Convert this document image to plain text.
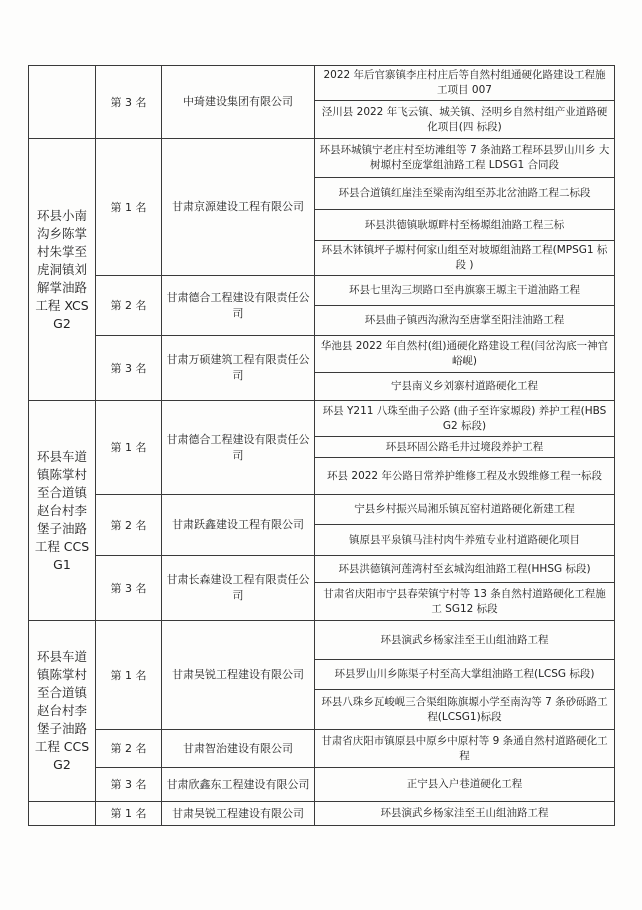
	第 3 名	中琦建设集团有限公司	2022 年后官寨镇李庄村庄后等自然村组通硬化路建设工程施工项目 007
			泾川县 2022 年飞云镇、城关镇、泾明乡自然村组产业道路硬化项目(四 标段)
环县小南沟乡陈掌村朱掌至虎洞镇刘解掌油路工程 XCSG2	第 1 名	甘肃京源建设工程有限公司	环县环城镇宁老庄村至坊滩组等 7 条油路工程环县罗山川乡 大树塬村至庞掌组油路工程 LDSG1 合同段
			环县合道镇红崖洼至梁南沟组至苏北岔油路工程二标段
			环县洪德镇耿塬畔村至杨塬组油路工程三标
			环县木钵镇坪子塬村何家山组至对坡塬组油路工程(MPSG1 标段 )
	第 2 名	甘肃德合工程建设有限责任公司	环县七里沟三坝路口至冉旗寨王塬主干道油路工程
			环县曲子镇西沟湫沟至唐掌至阳洼油路工程
	第 3 名	甘肃万硕建筑工程有限责任公司	华池县 2022 年自然村(组)通硬化路建设工程(闫岔沟底一神官峪岘)
			宁县南义乡刘寨村道路硬化工程
环县车道镇陈掌村至合道镇赵台村李堡子油路工程 CCSG1	第 1 名	甘肃德合工程建设有限责任公司	环县 Y211 八珠至曲子公路 (曲子至许家塬段) 养护工程(HBSG2 标段)
			环县环固公路毛井过境段养护工程
			环县 2022 年公路日常养护维修工程及水毁维修工程一标段
	第 2 名	甘肃跃鑫建设工程有限公司	宁县乡村振兴局湘乐镇瓦窑村道路硬化新建工程
			镇原县平泉镇马洼村肉牛养殖专业村道路硬化项目
	第 3 名	甘肃长森建设工程有限责任公司	环县洪德镇河莲湾村至玄城沟组油路工程(HHSG 标段)
			甘肃省庆阳市宁县春荣镇宁村等 13 条自然村道路硬化工程施工 SG12 标段
环县车道镇陈掌村至合道镇赵台村李堡子油路工程 CCSG2	第 1 名	甘肃昊锐工程建设有限公司	环县演武乡杨家洼至王山组油路工程
			环县罗山川乡陈渠子村至高大掌组油路工程(LCSG 标段)
			环县八珠乡瓦峻岘三合渠组陈旗塬小学至南沟等 7 条砂砾路工程(LCSG1)标段
	第 2 名	甘肃智治建设有限公司	甘肃省庆阳市镇原县中原乡中原村等 9 条通自然村道路硬化工程
	第 3 名	甘肃欣鑫东工程建设有限公司	正宁县入户巷道硬化工程
	第 1 名	甘肃昊锐工程建设有限公司	环县演武乡杨家洼至王山组油路工程
